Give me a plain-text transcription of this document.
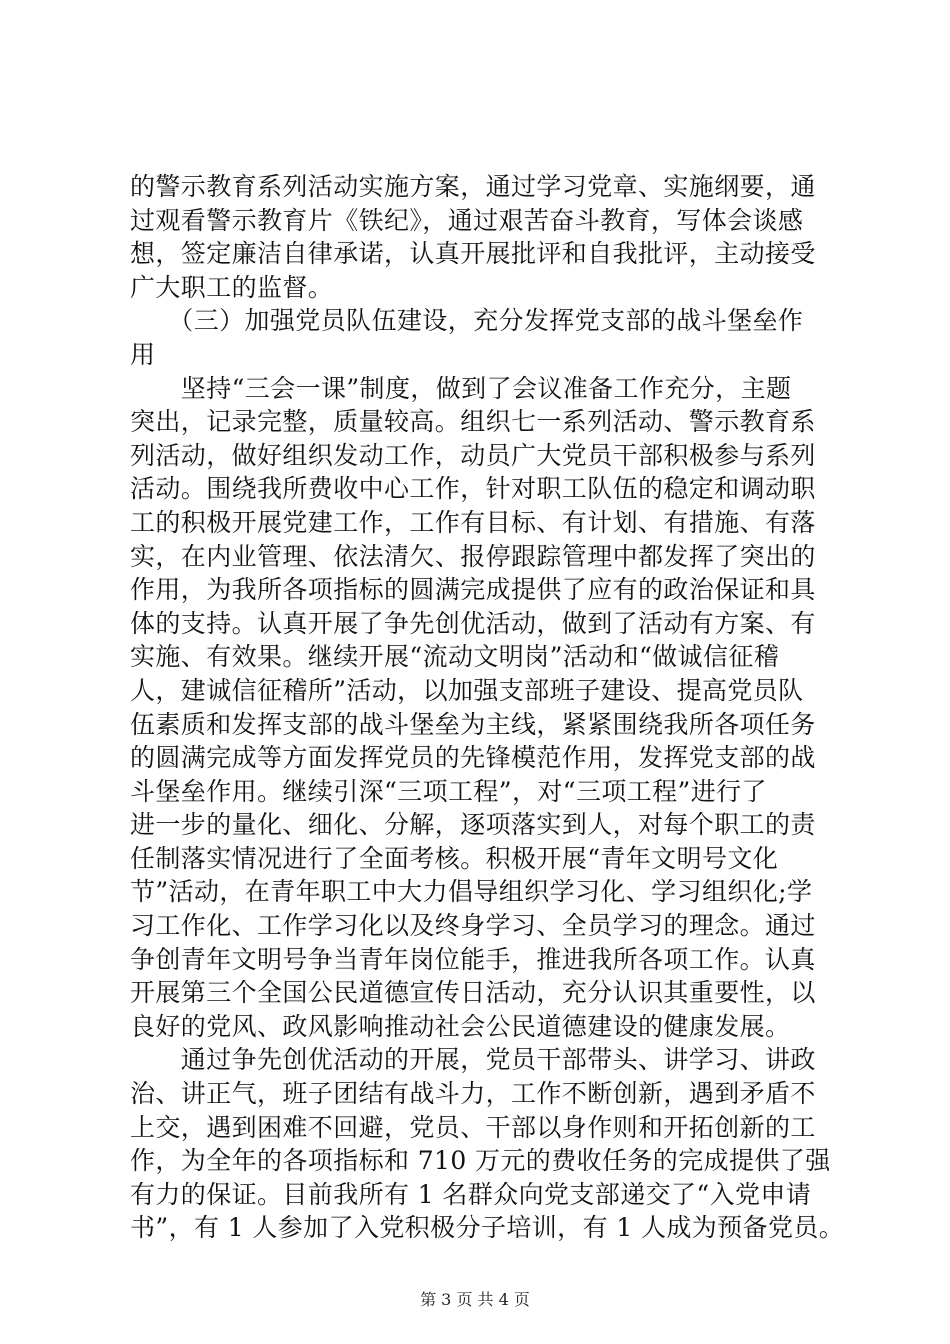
的警示教育系列活动实施方案，通过学习党章、实施纲要，通
过观看警示教育片《铁纪》，通过艰苦奋斗教育，写体会谈感
想，签定廉洁自律承诺，认真开展批评和自我批评，主动接受
广大职工的监督。
　　（三）加强党员队伍建设，充分发挥党支部的战斗堡垒作
用
　　坚持“三会一课”制度，做到了会议准备工作充分，主题
突出，记录完整，质量较高。组织七一系列活动、警示教育系
列活动，做好组织发动工作，动员广大党员干部积极参与系列
活动。围绕我所费收中心工作，针对职工队伍的稳定和调动职
工的积极开展党建工作，工作有目标、有计划、有措施、有落
实，在内业管理、依法清欠、报停跟踪管理中都发挥了突出的
作用，为我所各项指标的圆满完成提供了应有的政治保证和具
体的支持。认真开展了争先创优活动，做到了活动有方案、有
实施、有效果。继续开展“流动文明岗”活动和“做诚信征稽
人，建诚信征稽所”活动，以加强支部班子建设、提高党员队
伍素质和发挥支部的战斗堡垒为主线，紧紧围绕我所各项任务
的圆满完成等方面发挥党员的先锋模范作用，发挥党支部的战
斗堡垒作用。继续引深“三项工程”，对“三项工程”进行了
进一步的量化、细化、分解，逐项落实到人，对每个职工的责
任制落实情况进行了全面考核。积极开展“青年文明号文化
节”活动，在青年职工中大力倡导组织学习化、学习组织化;学
习工作化、工作学习化以及终身学习、全员学习的理念。通过
争创青年文明号争当青年岗位能手，推进我所各项工作。认真
开展第三个全国公民道德宣传日活动，充分认识其重要性，以
良好的党风、政风影响推动社会公民道德建设的健康发展。
　　通过争先创优活动的开展，党员干部带头、讲学习、讲政
治、讲正气，班子团结有战斗力，工作不断创新，遇到矛盾不
上交，遇到困难不回避，党员、干部以身作则和开拓创新的工
作，为全年的各项指标和 710 万元的费收任务的完成提供了强
有力的保证。目前我所有 1 名群众向党支部递交了“入党申请
书”，有 1 人参加了入党积极分子培训，有 1 人成为预备党员。
第 3 页 共 4 页
